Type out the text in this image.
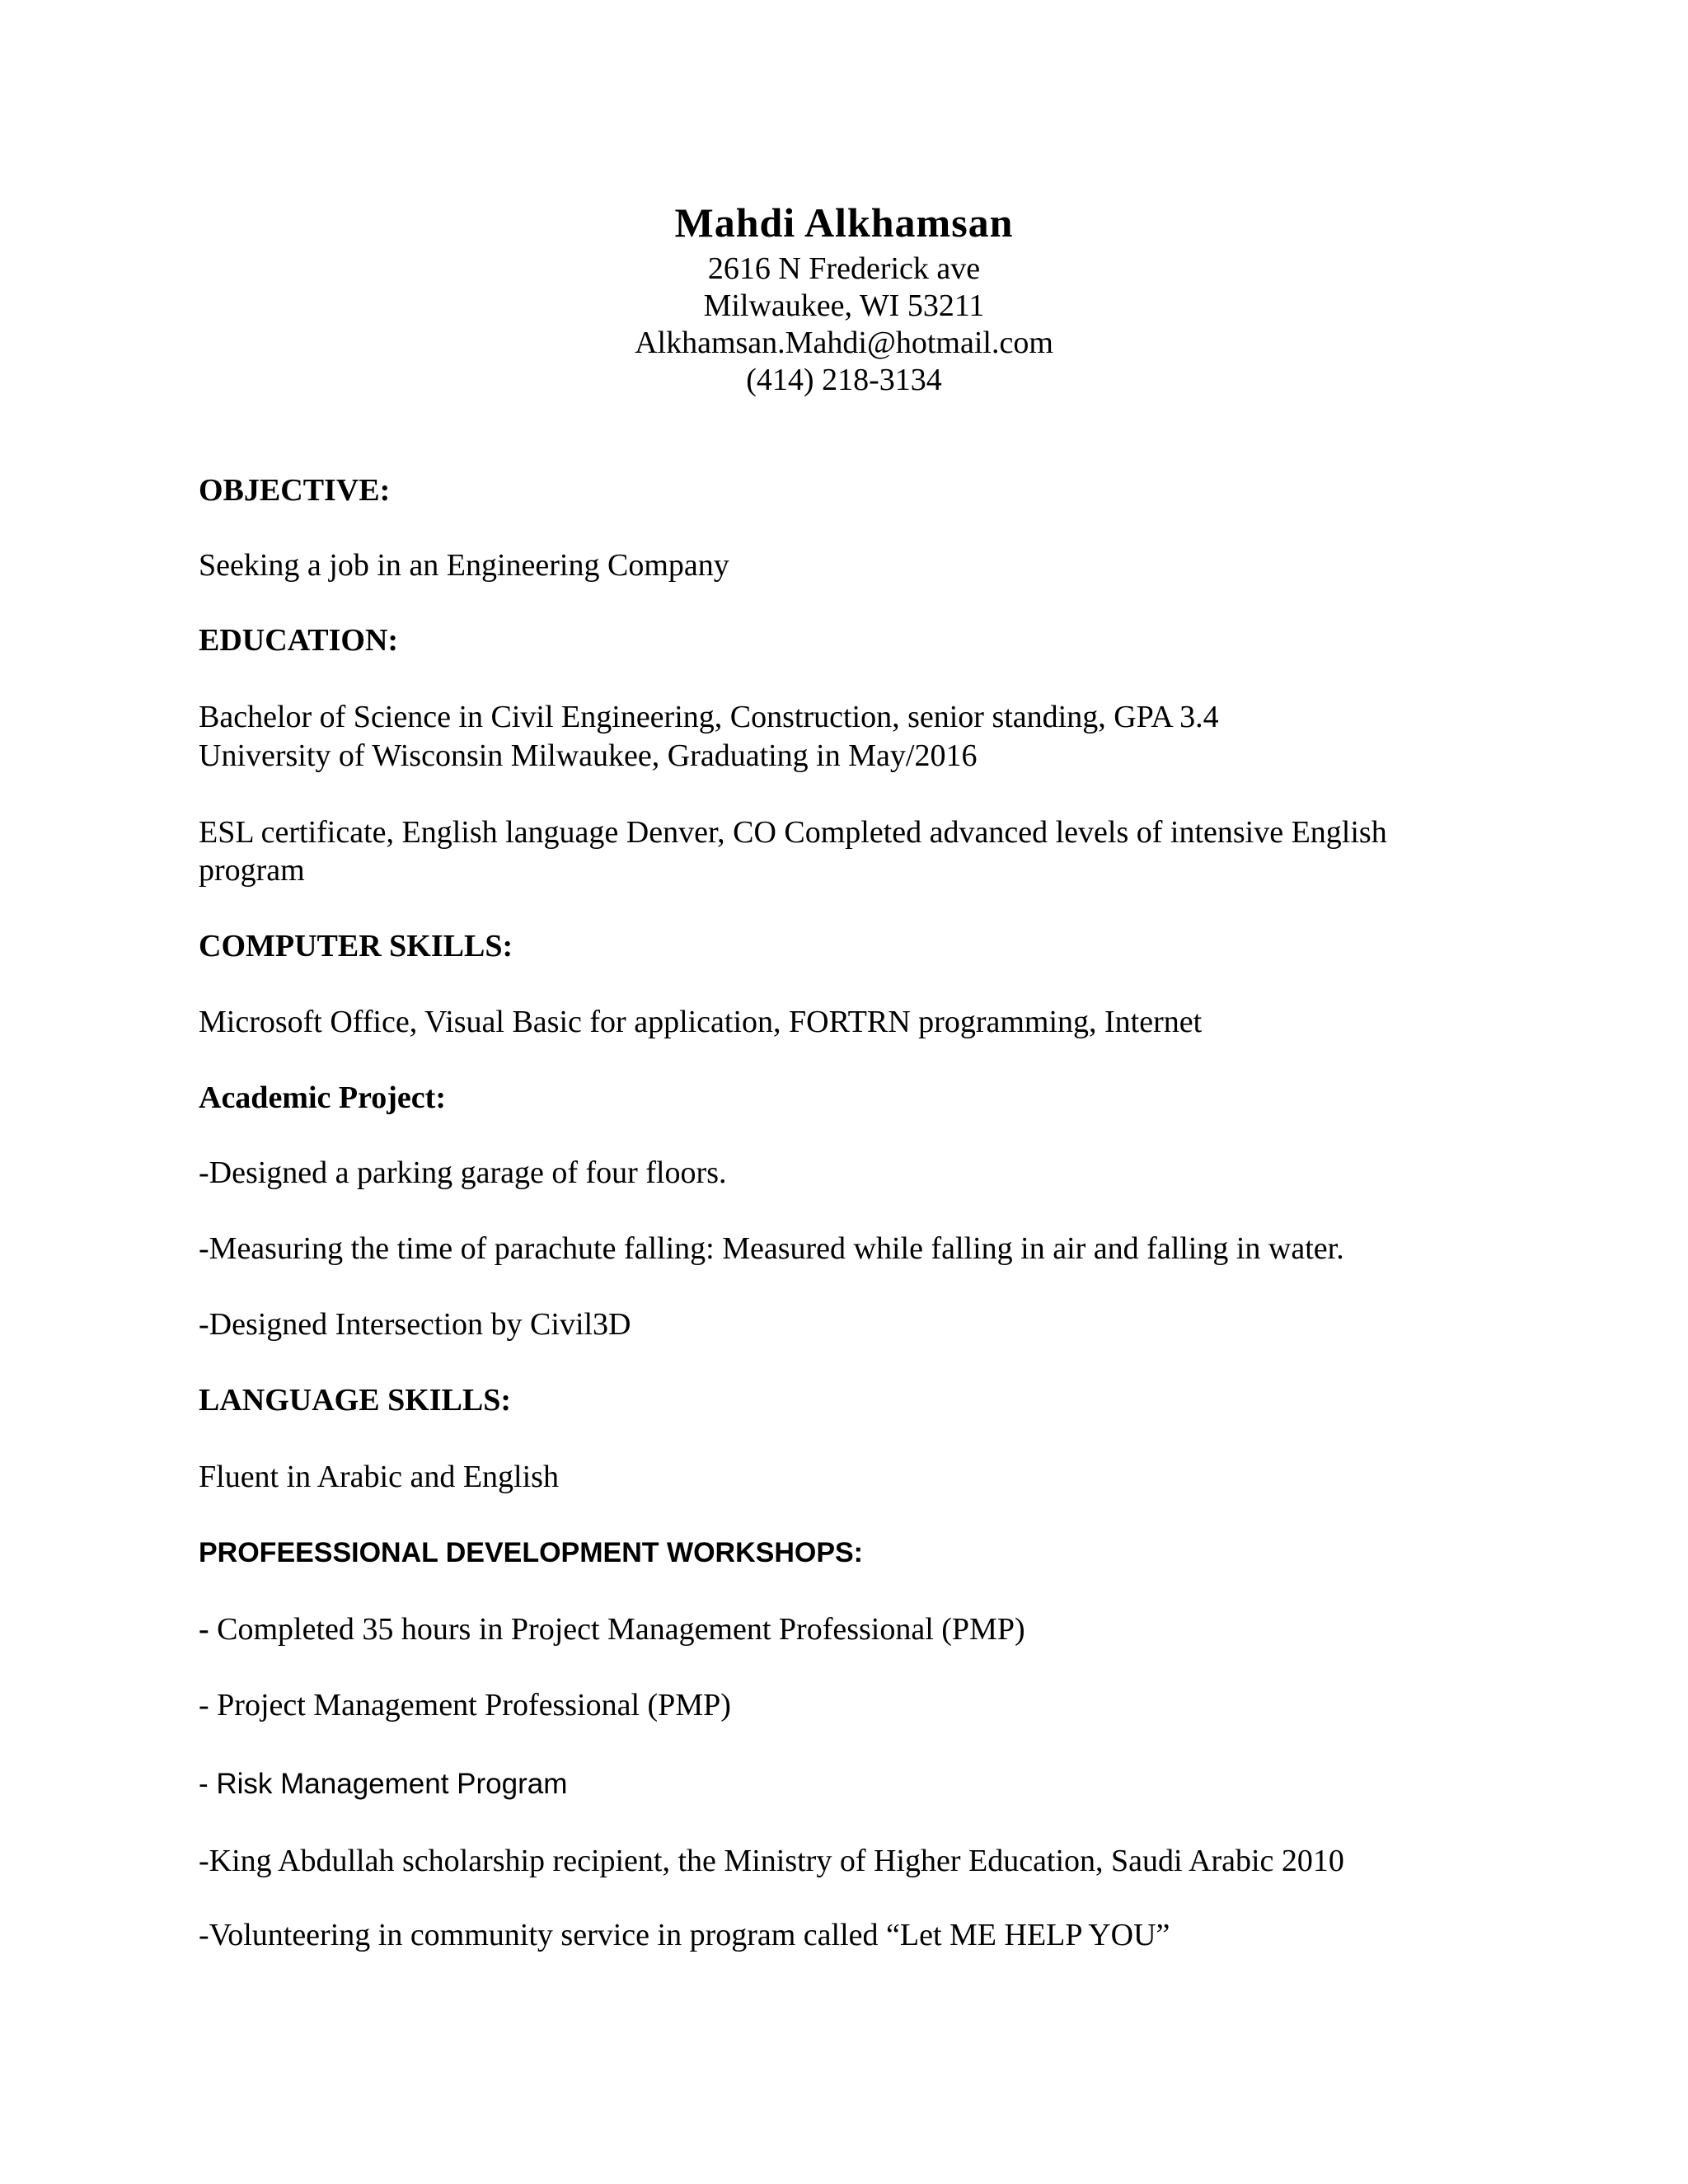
Mahdi Alkhamsan
2616 N Frederick ave
Milwaukee, WI 53211
Alkhamsan.Mahdi@hotmail.com
(414) 218-3134
OBJECTIVE:
Seeking a job in an Engineering Company
EDUCATION:
Bachelor of Science in Civil Engineering, Construction, senior standing, GPA 3.4
University of Wisconsin Milwaukee, Graduating in May/2016
ESL certificate, English language Denver, CO Completed advanced levels of intensive English
program
COMPUTER SKILLS:
Microsoft Office, Visual Basic for application, FORTRN programming, Internet
Academic Project:
-Designed a parking garage of four floors.
-Measuring the time of parachute falling: Measured while falling in air and falling in water.
-Designed Intersection by Civil3D
LANGUAGE SKILLS:
Fluent in Arabic and English
PROFEESSIONAL DEVELOPMENT WORKSHOPS:
- Completed 35 hours in Project Management Professional (PMP)
- Project Management Professional (PMP)
- Risk Management Program
-King Abdullah scholarship recipient, the Ministry of Higher Education, Saudi Arabic 2010
-Volunteering in community service in program called “Let ME HELP YOU”
